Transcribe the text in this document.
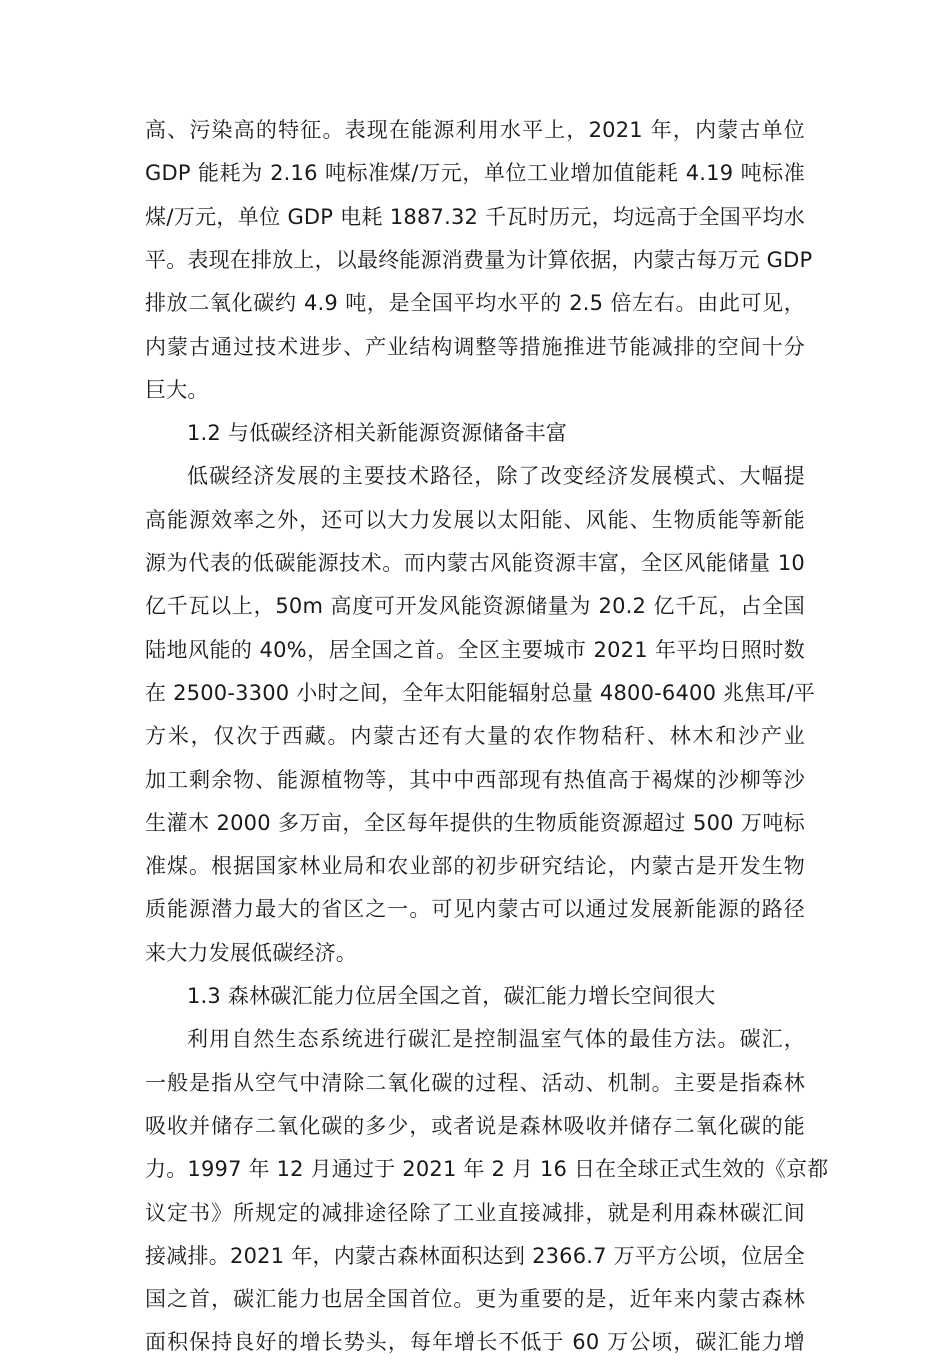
高、污染高的特征。表现在能源利用水平上，2021 年，内蒙古单位

GDP 能耗为 2.16 吨标准煤/万元，单位工业增加值能耗 4.19 吨标准

煤/万元，单位 GDP 电耗 1887.32 千瓦时历元，均远高于全国平均水

平。表现在排放上，以最终能源消费量为计算依据，内蒙古每万元 GDP

排放二氧化碳约 4.9 吨，是全国平均水平的 2.5 倍左右。由此可见，

内蒙古通过技术进步、产业结构调整等措施推进节能减排的空间十分

巨大。

1.2 与低碳经济相关新能源资源储备丰富

低碳经济发展的主要技术路径，除了改变经济发展模式、大幅提

高能源效率之外，还可以大力发展以太阳能、风能、生物质能等新能

源为代表的低碳能源技术。而内蒙古风能资源丰富，全区风能储量 10

亿千瓦以上，50m 高度可开发风能资源储量为 20.2 亿千瓦，占全国

陆地风能的 40%，居全国之首。全区主要城市 2021 年平均日照时数

在 2500-3300 小时之间，全年太阳能辐射总量 4800-6400 兆焦耳/平

方米，仅次于西藏。内蒙古还有大量的农作物秸秆、林木和沙产业

加工剩余物、能源植物等，其中中西部现有热值高于褐煤的沙柳等沙

生灌木 2000 多万亩，全区每年提供的生物质能资源超过 500 万吨标

准煤。根据国家林业局和农业部的初步研究结论，内蒙古是开发生物

质能源潜力最大的省区之一。可见内蒙古可以通过发展新能源的路径

来大力发展低碳经济。

1.3 森林碳汇能力位居全国之首，碳汇能力增长空间很大

利用自然生态系统进行碳汇是控制温室气体的最佳方法。碳汇，

一般是指从空气中清除二氧化碳的过程、活动、机制。主要是指森林

吸收并储存二氧化碳的多少，或者说是森林吸收并储存二氧化碳的能

力。1997 年 12 月通过于 2021 年 2 月 16 日在全球正式生效的《京都

议定书》所规定的减排途径除了工业直接减排，就是利用森林碳汇间

接减排。2021 年，内蒙古森林面积达到 2366.7 万平方公顷，位居全

国之首，碳汇能力也居全国首位。更为重要的是，近年来内蒙古森林

面积保持良好的增长势头，每年增长不低于 60 万公顷，碳汇能力增
